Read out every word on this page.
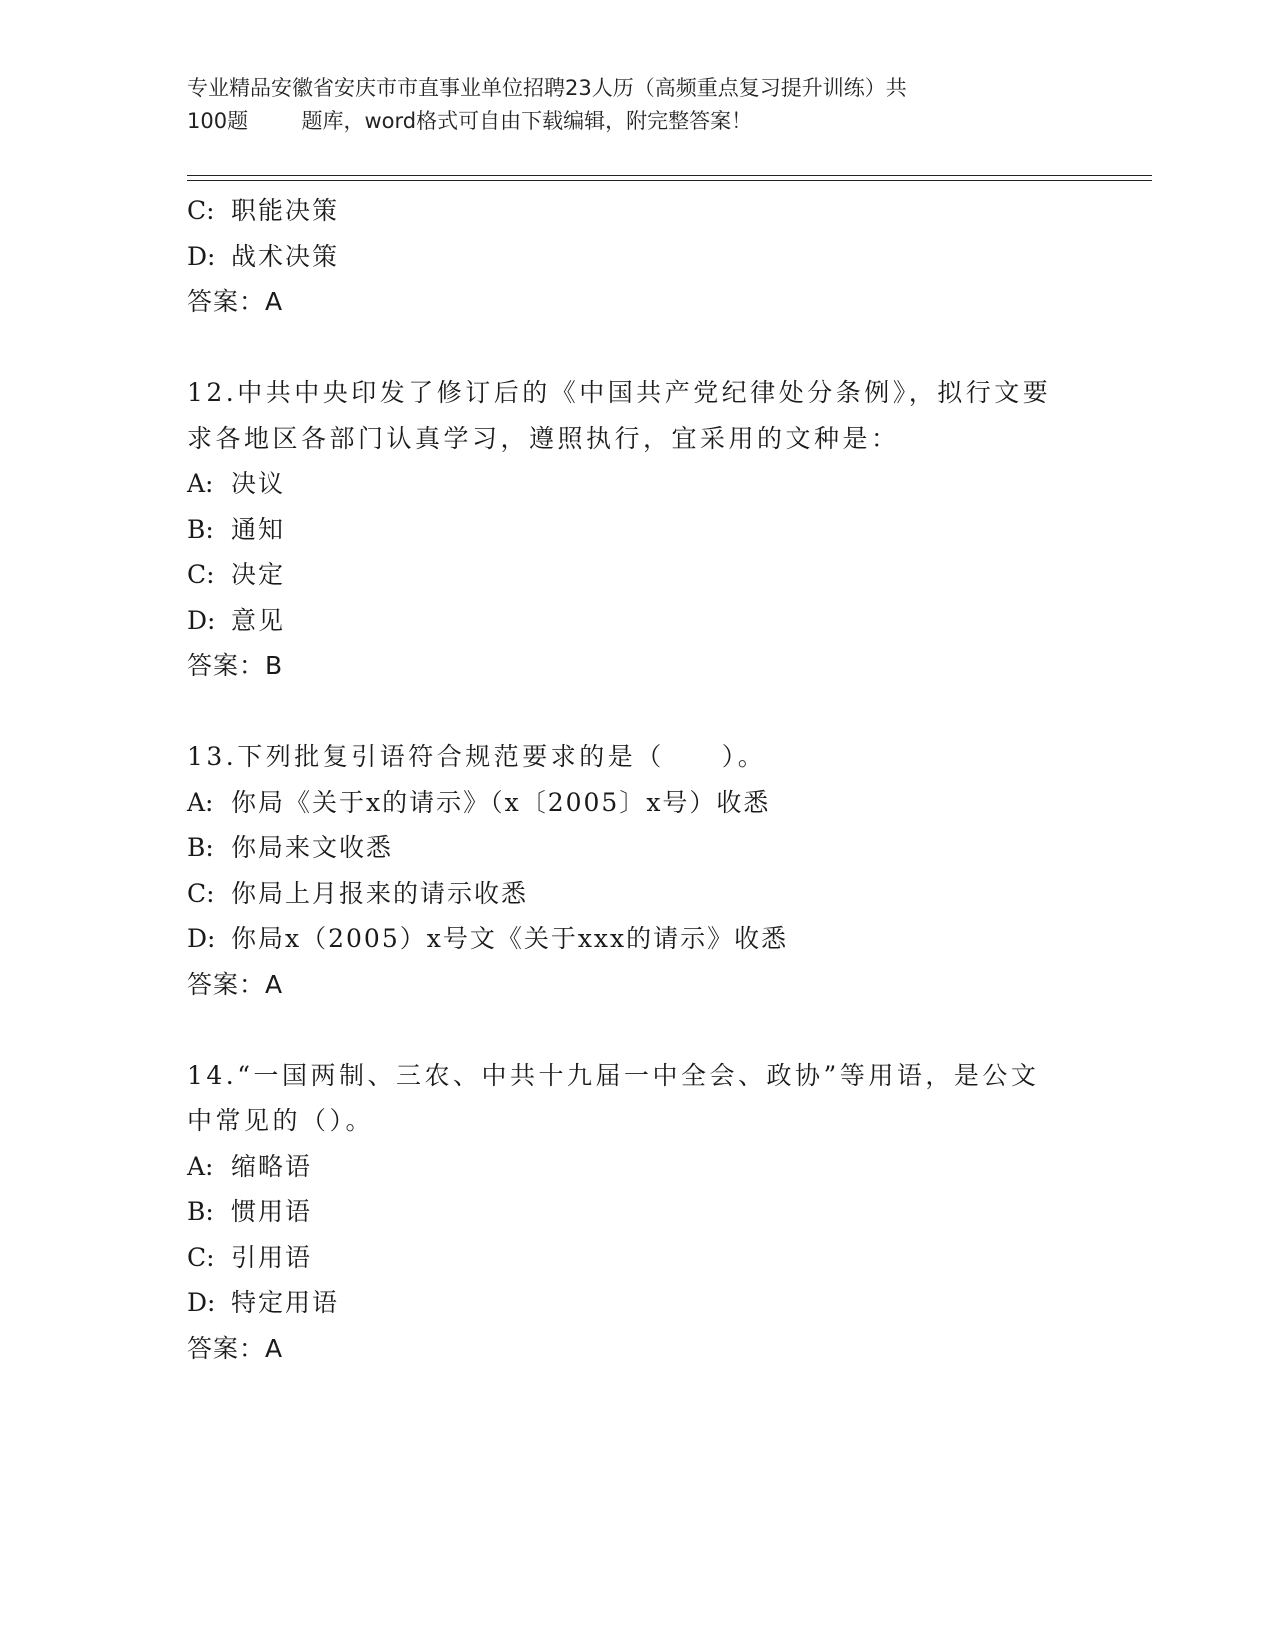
专业精品安徽省安庆市市直事业单位招聘23人历（高频重点复习提升训练）共
100题        题库，word格式可自由下载编辑，附完整答案！
C: 职能决策
D: 战术决策
答案：A
12.中共中央印发了修订后的《中国共产党纪律处分条例》，拟行文要
求各地区各部门认真学习，遵照执行，宜采用的文种是：
A: 决议
B: 通知
C: 决定
D: 意见
答案：B
13.下列批复引语符合规范要求的是（　　）。
A: 你局《关于x的请示》（x〔2005〕x号）收悉
B: 你局来文收悉
C: 你局上月报来的请示收悉
D: 你局x（2005）x号文《关于xxx的请示》收悉
答案：A
14.“一国两制、三农、中共十九届一中全会、政协”等用语，是公文
中常见的（）。
A: 缩略语
B: 惯用语
C: 引用语
D: 特定用语
答案：A
